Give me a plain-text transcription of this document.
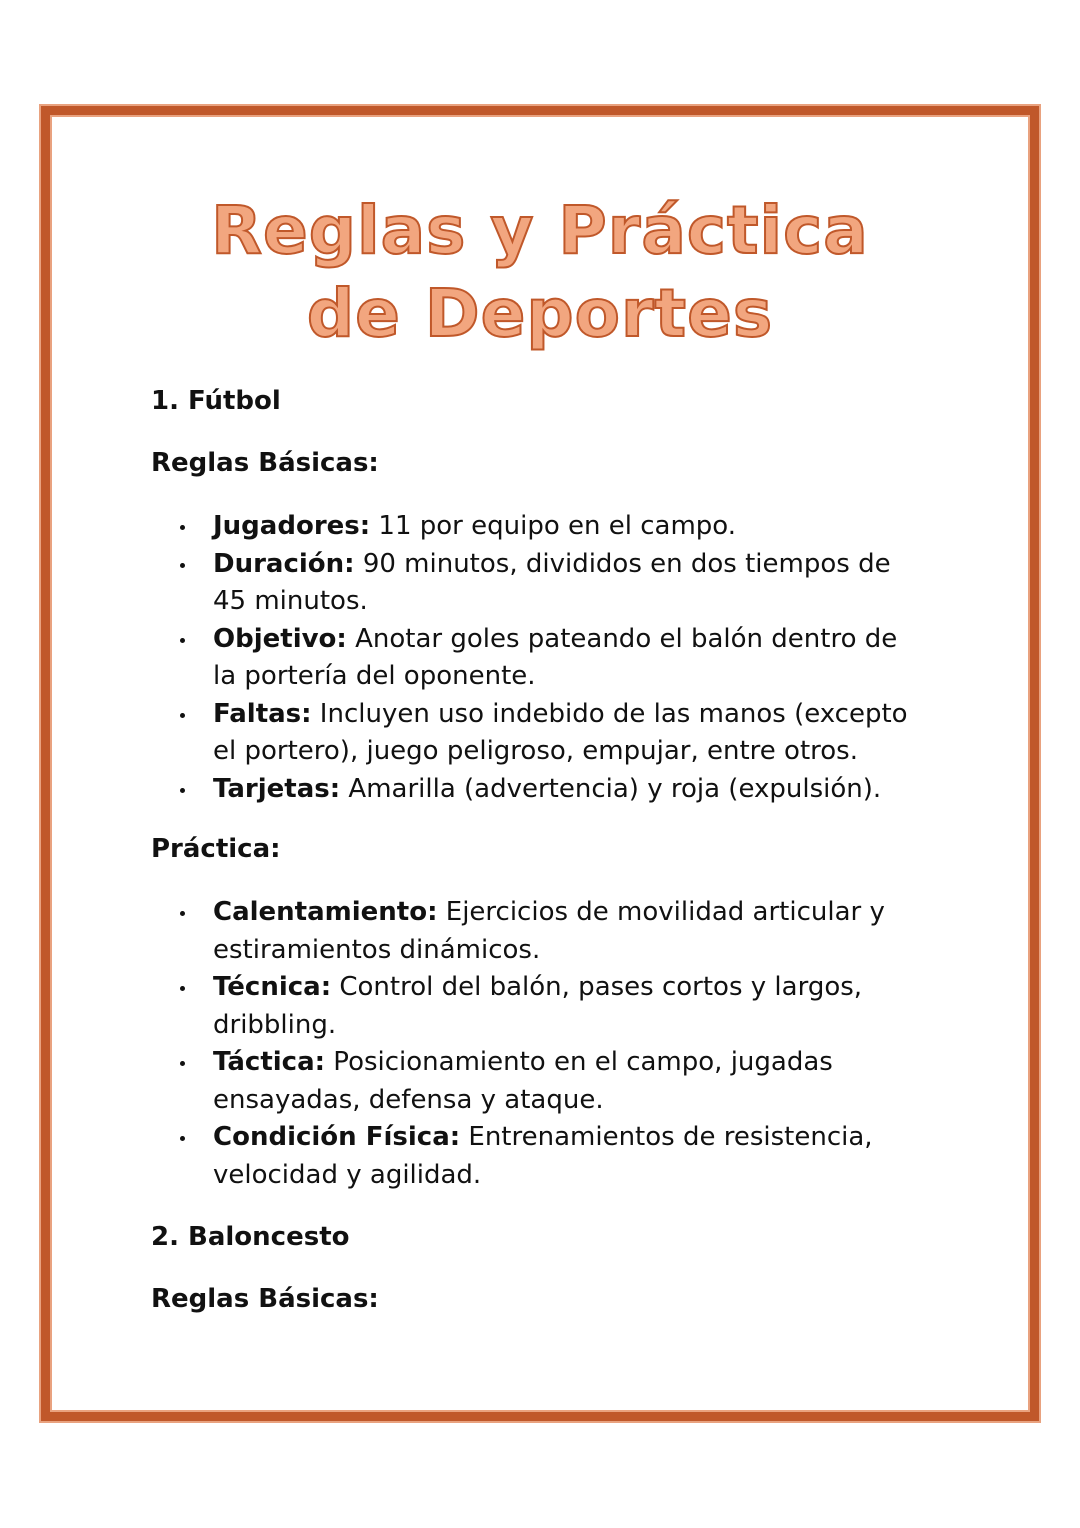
Reglas y Práctica
de Deportes
1. Fútbol
Reglas Básicas:
Jugadores: 11 por equipo en el campo.
Duración: 90 minutos, divididos en dos tiempos de 45 minutos.
Objetivo: Anotar goles pateando el balón dentro de la portería del oponente.
Faltas: Incluyen uso indebido de las manos (excepto el portero), juego peligroso, empujar, entre otros.
Tarjetas: Amarilla (advertencia) y roja (expulsión).
Práctica:
Calentamiento: Ejercicios de movilidad articular y estiramientos dinámicos.
Técnica: Control del balón, pases cortos y largos, dribbling.
Táctica: Posicionamiento en el campo, jugadas ensayadas, defensa y ataque.
Condición Física: Entrenamientos de resistencia, velocidad y agilidad.
2. Baloncesto
Reglas Básicas:
